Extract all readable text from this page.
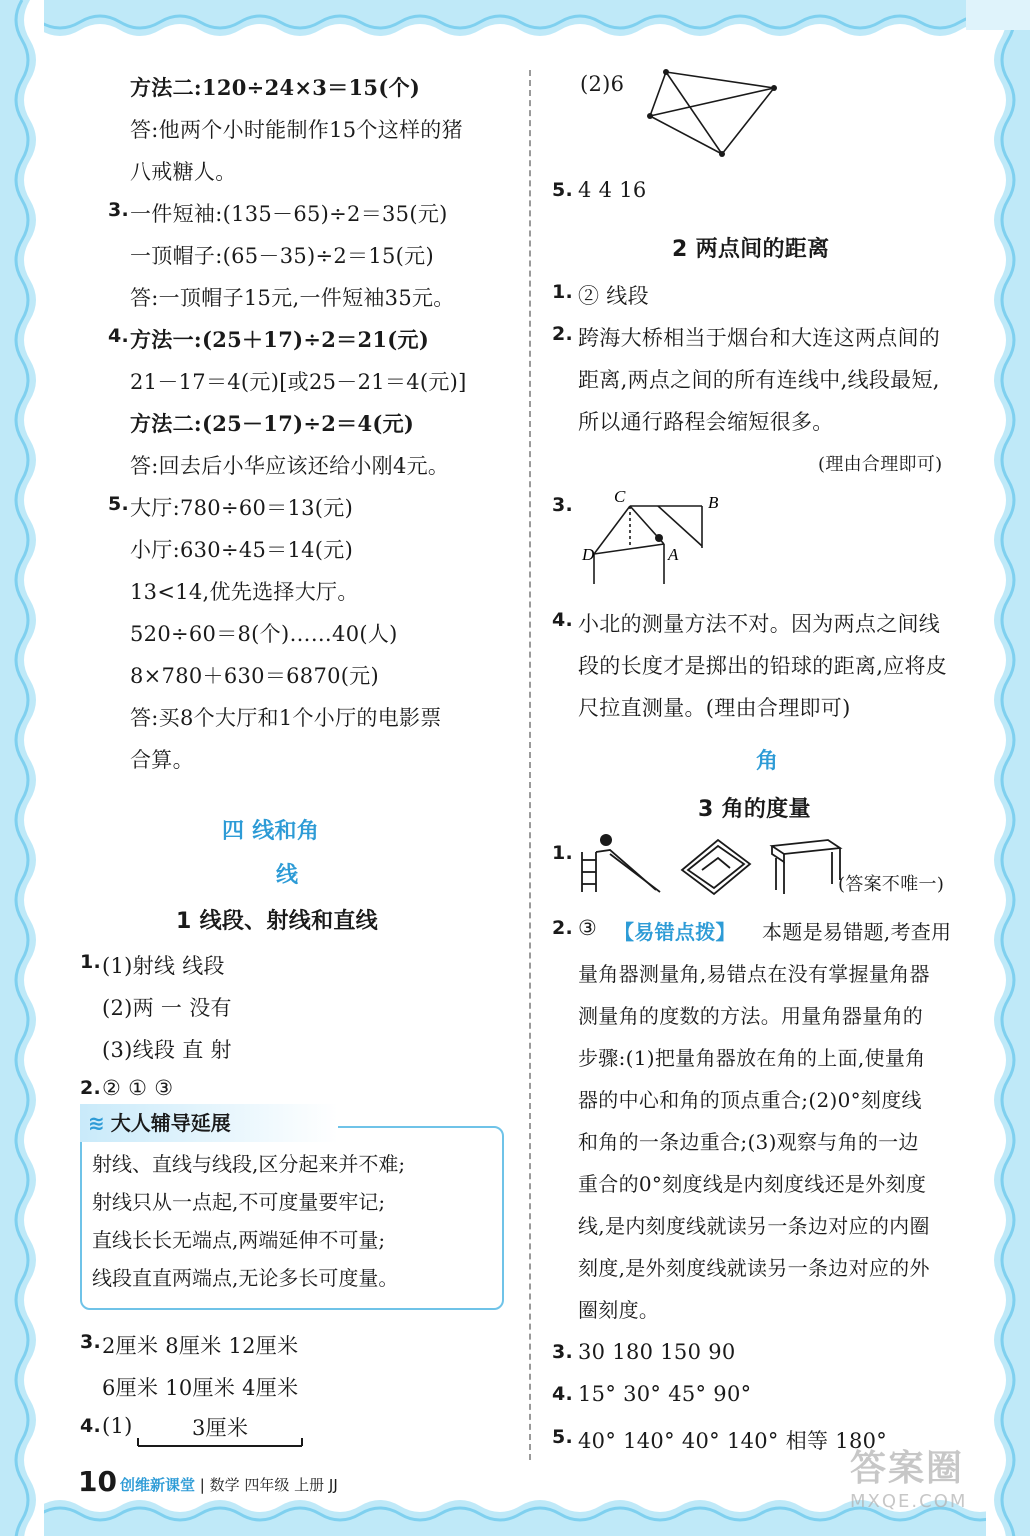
方法二:120÷24×3＝15(个)
答:他两个小时能制作15个这样的猪
八戒糖人。
3. 一件短袖:(135－65)÷2＝35(元)
一顶帽子:(65－35)÷2＝15(元)
答:一顶帽子15元,一件短袖35元。
4. 方法一:(25＋17)÷2＝21(元)
21－17＝4(元)[或25－21＝4(元)]
方法二:(25－17)÷2＝4(元)
答:回去后小华应该还给小刚4元。
5. 大厅:780÷60＝13(元)
小厅:630÷45＝14(元)
13<14,优先选择大厅。
520÷60＝8(个)……40(人)
8×780＋630＝6870(元)
答:买8个大厅和1个小厅的电影票
合算。
四 线和角
线
1 线段、射线和直线
1. (1)射线 线段
(2)两 一 没有
(3)线段 直 射
2. ② ① ③
≋ 大人辅导延展
射线、直线与线段,区分起来并不难;
射线只从一点起,不可度量要牢记;
直线长长无端点,两端延伸不可量;
线段直直两端点,无论多长可度量。
3. 2厘米 8厘米 12厘米
6厘米 10厘米 4厘米
4. (1)	3厘米
(2)6
5. 4 4 16
2 两点间的距离
1. ② 线段
2. 跨海大桥相当于烟台和大连这两点间的
距离,两点之间的所有连线中,线段最短,
所以通行路程会缩短很多。
(理由合理即可)
3. C	B
D	A
4. 小北的测量方法不对。因为两点之间线
段的长度才是掷出的铅球的距离,应将皮
尺拉直测量。(理由合理即可)
角
3 角的度量
1.
(答案不唯一)
2. ③ 【易错点拨】 本题是易错题,考查用
量角器测量角,易错点在没有掌握量角器
测量角的度数的方法。用量角器量角的
步骤:(1)把量角器放在角的上面,使量角
器的中心和角的顶点重合;(2)0°刻度线
和角的一条边重合;(3)观察与角的一边
重合的0°刻度线是内刻度线还是外刻度
线,是内刻度线就读另一条边对应的内圈
刻度,是外刻度线就读另一条边对应的外
圈刻度。
3. 30 180 150 90
4. 15° 30° 45° 90°
5. 40° 140° 40° 140° 相等 180°
10 创维新课堂 | 数学 四年级 上册 JJ	答案圈
MXQE.COM
